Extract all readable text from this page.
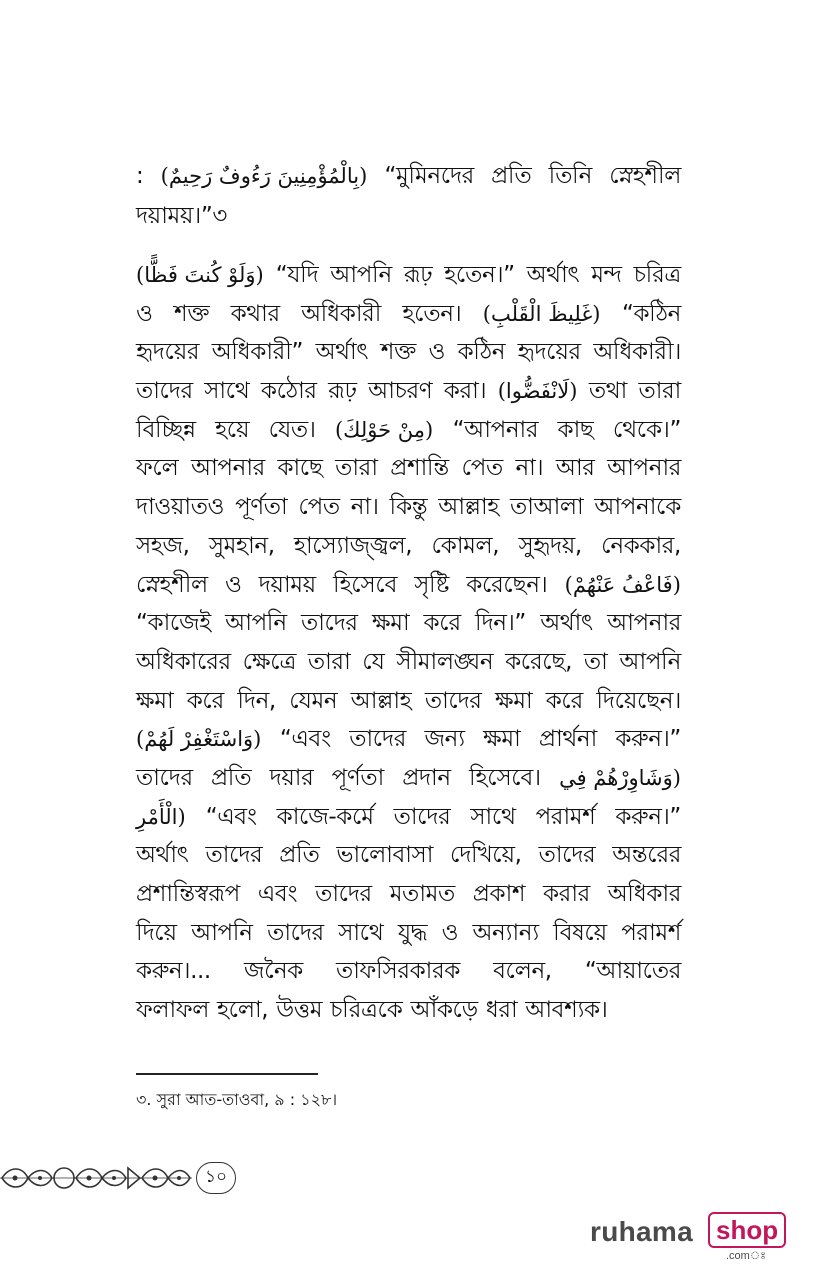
: (بِالْمُؤْمِنِينَ رَءُوفٌ رَحِيمٌ) “মুমিনদের প্রতি তিনি স্নেহশীল
দয়াময়।”৩
(وَلَوْ كُنتَ فَظًّا) “যদি আপনি রূঢ় হতেন।” অর্থাৎ মন্দ চরিত্র
ও শক্ত কথার অধিকারী হতেন। (غَلِيظَ الْقَلْبِ) “কঠিন
হৃদয়ের অধিকারী” অর্থাৎ শক্ত ও কঠিন হৃদয়ের অধিকারী।
তাদের সাথে কঠোর রূঢ় আচরণ করা। (لَانْفَضُّوا) তথা তারা
বিচ্ছিন্ন হয়ে যেত। (مِنْ حَوْلِكَ) “আপনার কাছ থেকে।”
ফলে আপনার কাছে তারা প্রশান্তি পেত না। আর আপনার
দাওয়াতও পূর্ণতা পেত না। কিন্তু আল্লাহ তাআলা আপনাকে
সহজ, সুমহান, হাস্যোজ্জ্বল, কোমল, সুহৃদয়, নেককার,
স্নেহশীল ও দয়াময় হিসেবে সৃষ্টি করেছেন। (فَاعْفُ عَنْهُمْ)
“কাজেই আপনি তাদের ক্ষমা করে দিন।” অর্থাৎ আপনার
অধিকারের ক্ষেত্রে তারা যে সীমালঙ্ঘন করেছে, তা আপনি
ক্ষমা করে দিন, যেমন আল্লাহ তাদের ক্ষমা করে দিয়েছেন।
(وَاسْتَغْفِرْ لَهُمْ) “এবং তাদের জন্য ক্ষমা প্রার্থনা করুন।”
তাদের প্রতি দয়ার পূর্ণতা প্রদান হিসেবে। (وَشَاوِرْهُمْ فِي
(الْأَمْرِ “এবং কাজে-কর্মে তাদের সাথে পরামর্শ করুন।”
অর্থাৎ তাদের প্রতি ভালোবাসা দেখিয়ে, তাদের অন্তরের
প্রশান্তিস্বরূপ এবং তাদের মতামত প্রকাশ করার অধিকার
দিয়ে আপনি তাদের সাথে যুদ্ধ ও অন্যান্য বিষয়ে পরামর্শ
করুন।... জনৈক তাফসিরকারক বলেন, “আয়াতের
ফলাফল হলো, উত্তম চরিত্রকে আঁকড়ে ধরা আবশ্যক।
৩. সুরা আত-তাওবা, ৯ : ১২৮।
১০
ruhama shop
.comঃ
